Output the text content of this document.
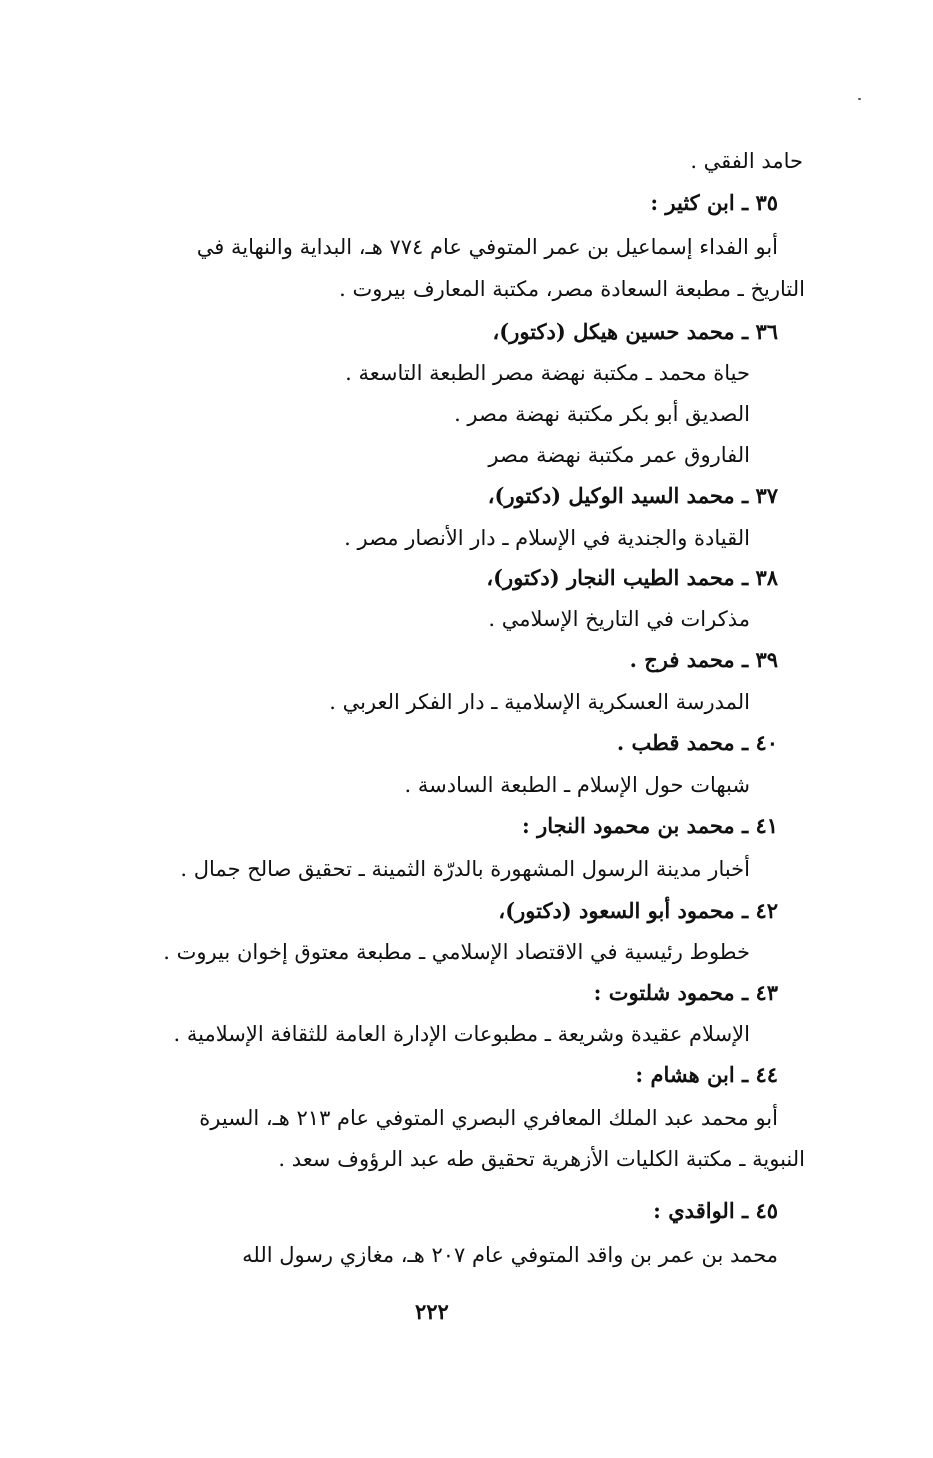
حامد الفقي .
٣٥ ـ ابن كثير :
أبو الفداء إسماعيل بن عمر المتوفي عام ٧٧٤ هـ، البداية والنهاية في
التاريخ ـ مطبعة السعادة مصر، مكتبة المعارف بيروت .
٣٦ ـ محمد حسين هيكل (دكتور)،
حياة محمد ـ مكتبة نهضة مصر الطبعة التاسعة .
الصديق أبو بكر مكتبة نهضة مصر .
الفاروق عمر مكتبة نهضة مصر
٣٧ ـ محمد السيد الوكيل (دكتور)،
القيادة والجندية في الإسلام ـ دار الأنصار مصر .
٣٨ ـ محمد الطيب النجار (دكتور)،
مذكرات في التاريخ الإسلامي .
٣٩ ـ محمد فرج .
المدرسة العسكرية الإسلامية ـ دار الفكر العربي .
٤٠ ـ محمد قطب .
شبهات حول الإسلام ـ الطبعة السادسة .
٤١ ـ محمد بن محمود النجار :
أخبار مدينة الرسول المشهورة بالدرّة الثمينة ـ تحقيق صالح جمال .
٤٢ ـ محمود أبو السعود (دكتور)،
خطوط رئيسية في الاقتصاد الإسلامي ـ مطبعة معتوق إخوان بيروت .
٤٣ ـ محمود شلتوت :
الإسلام عقيدة وشريعة ـ مطبوعات الإدارة العامة للثقافة الإسلامية .
٤٤ ـ ابن هشام :
أبو محمد عبد الملك المعافري البصري المتوفي عام ٢١٣ هـ، السيرة
النبوية ـ مكتبة الكليات الأزهرية تحقيق طه عبد الرؤوف سعد .
٤٥ ـ الواقدي :
محمد بن عمر بن واقد المتوفي عام ٢٠٧ هـ، مغازي رسول الله
٢٢٢
